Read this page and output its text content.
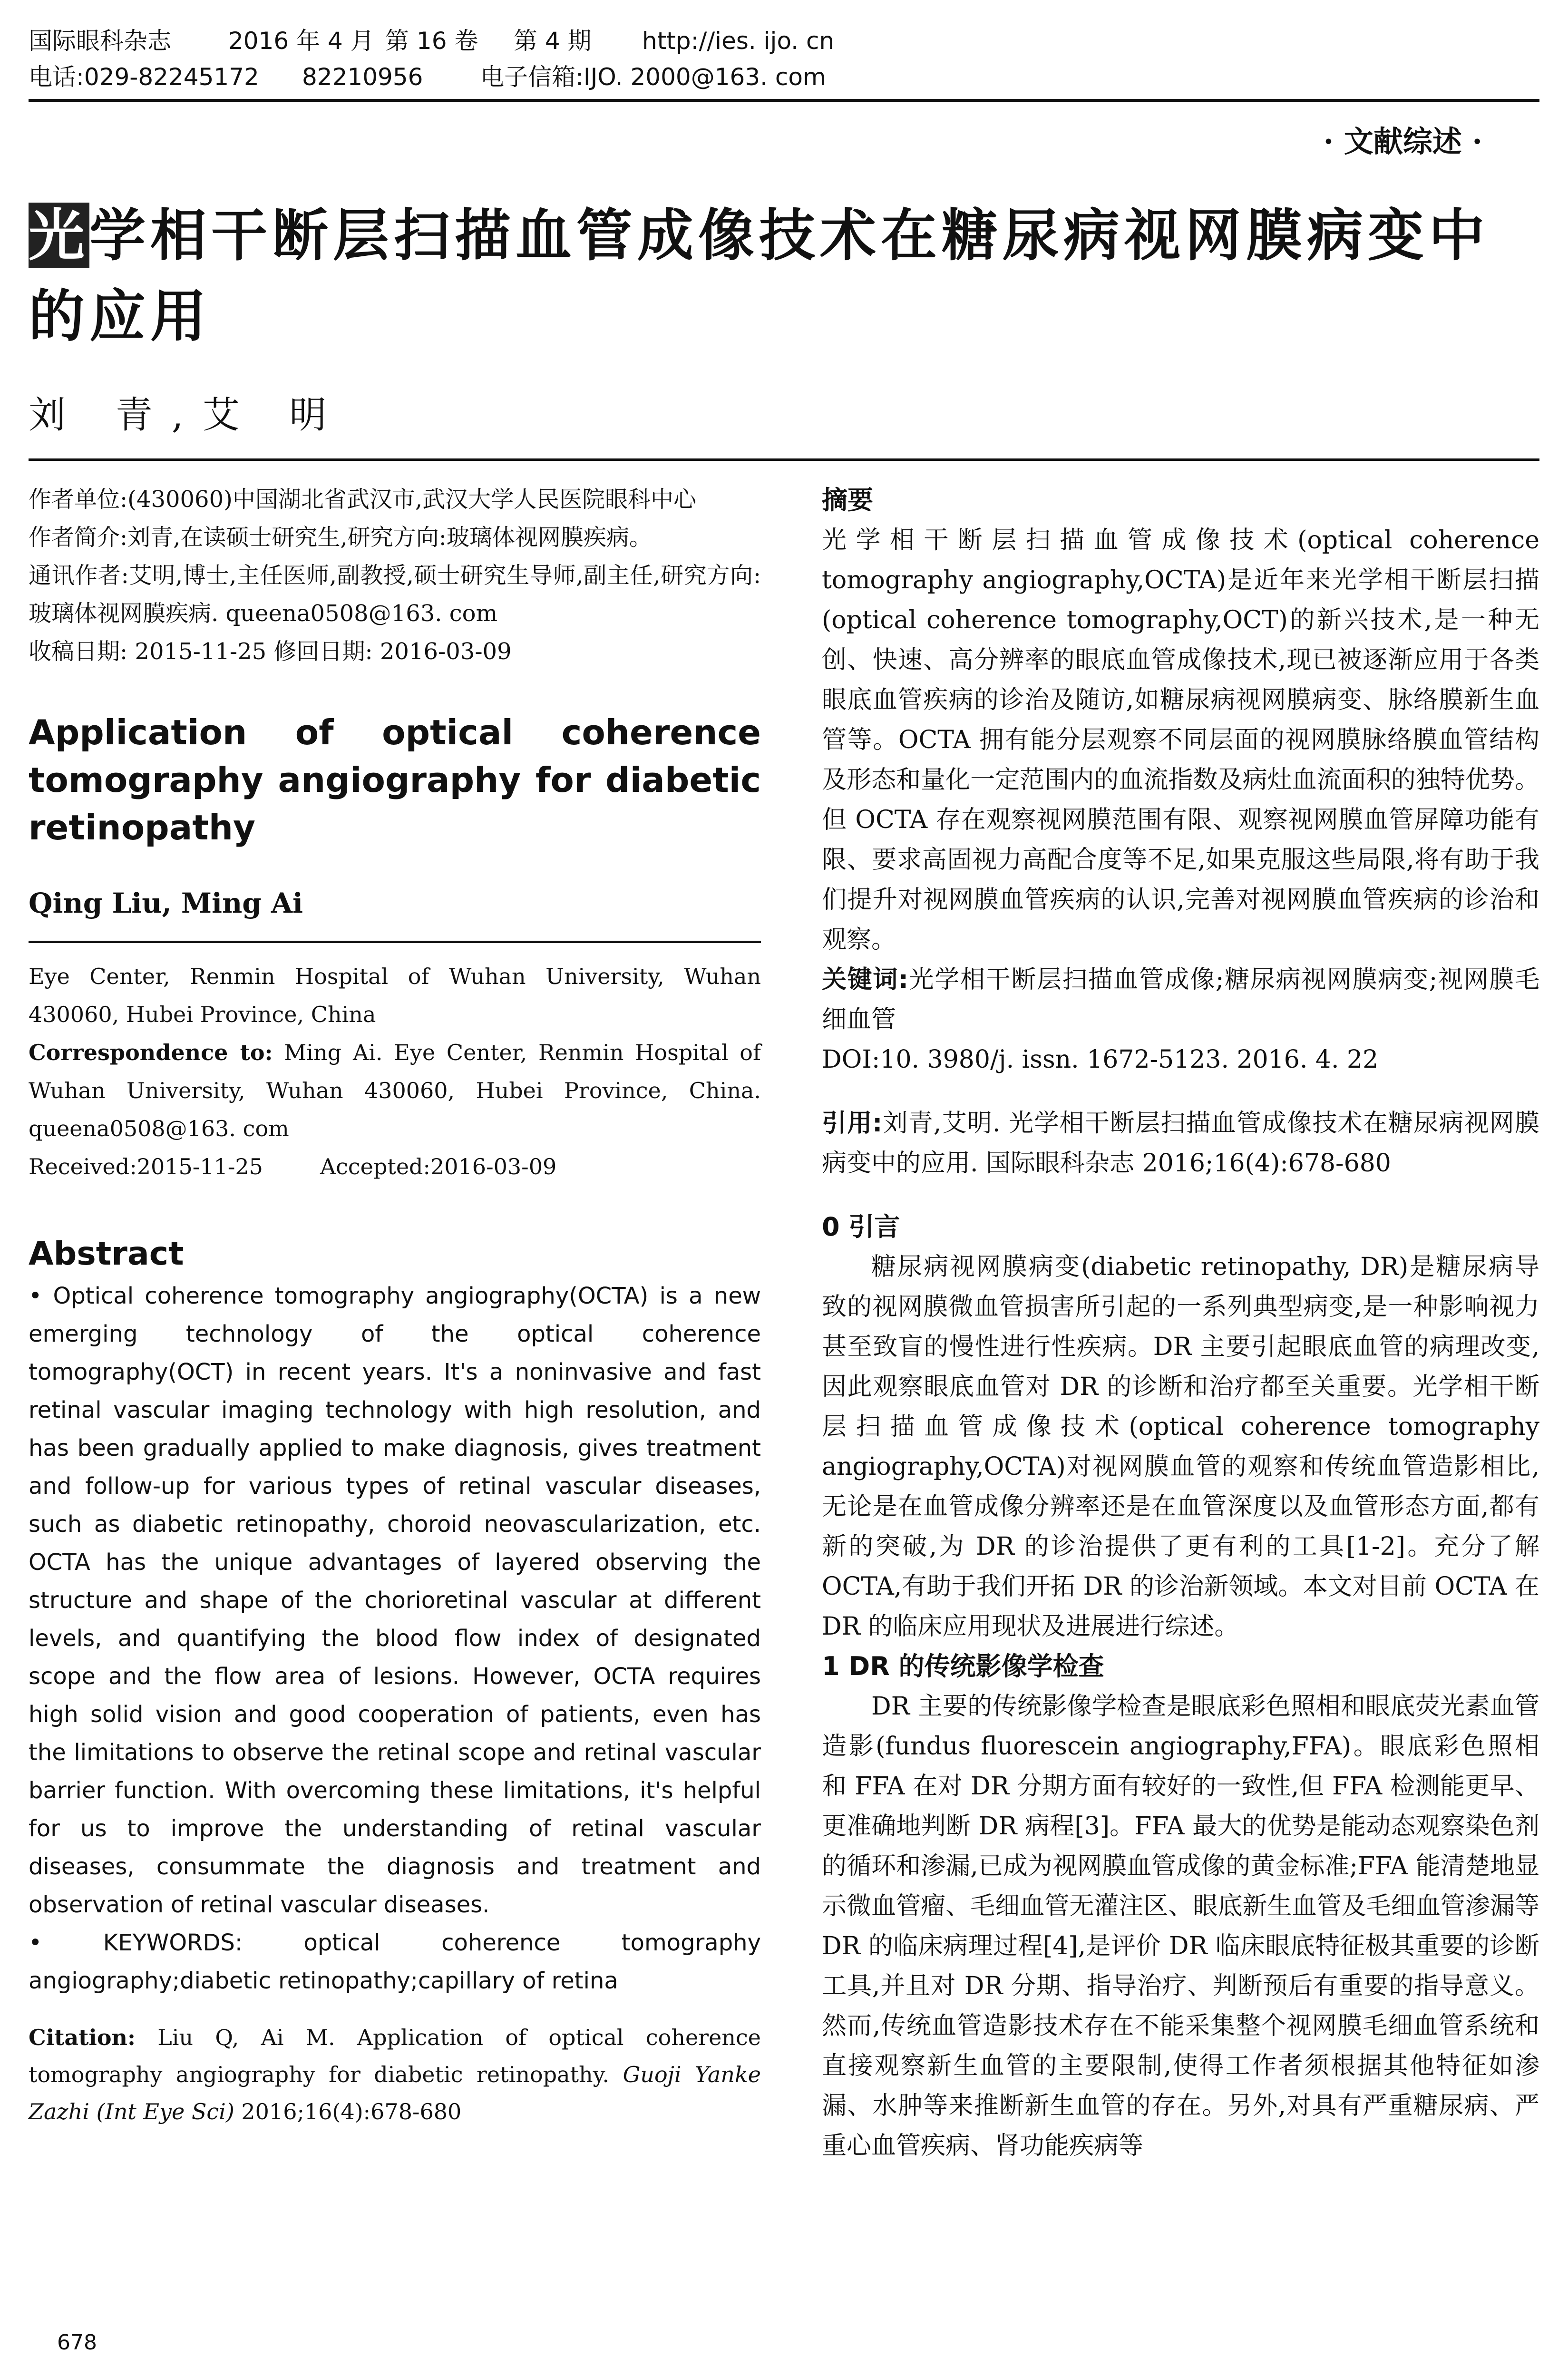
国际眼科杂志	2016 年 4 月 第 16 卷	第 4 期	http://ies. ijo. cn
电话:029-82245172	82210956	电子信箱:IJO. 2000@163. com
· 文献综述 ·
光学相干断层扫描血管成像技术在糖尿病视网膜病变中的应用
刘 青,艾 明

作者单位:(430060)中国湖北省武汉市,武汉大学人民医院眼科中心

作者简介:刘青,在读硕士研究生,研究方向:玻璃体视网膜疾病。

通讯作者:艾明,博士,主任医师,副教授,硕士研究生导师,副主任,研究方向:玻璃体视网膜疾病. queena0508@163. com

收稿日期: 2015-11-25 修回日期: 2016-03-09

Application of optical coherence tomography angiography for diabetic retinopathy
Qing Liu, Ming Ai

Eye Center, Renmin Hospital of Wuhan University, Wuhan 430060, Hubei Province, China

Correspondence to: Ming Ai. Eye Center, Renmin Hospital of Wuhan University, Wuhan 430060, Hubei Province, China. queena0508@163. com

Received:2015-11-25	Accepted:2016-03-09

Abstract

• Optical coherence tomography angiography(OCTA) is a new emerging technology of the optical coherence tomography(OCT) in recent years. It's a noninvasive and fast retinal vascular imaging technology with high resolution, and has been gradually applied to make diagnosis, gives treatment and follow-up for various types of retinal vascular diseases, such as diabetic retinopathy, choroid neovascularization, etc. OCTA has the unique advantages of layered observing the structure and shape of the chorioretinal vascular at different levels, and quantifying the blood flow index of designated scope and the flow area of lesions. However, OCTA requires high solid vision and good cooperation of patients, even has the limitations to observe the retinal scope and retinal vascular barrier function. With overcoming these limitations, it's helpful for us to improve the understanding of retinal vascular diseases, consummate the diagnosis and treatment and observation of retinal vascular diseases.

• KEYWORDS: optical coherence tomography angiography;diabetic retinopathy;capillary of retina

Citation: Liu Q, Ai M. Application of optical coherence tomography angiography for diabetic retinopathy. Guoji Yanke Zazhi (Int Eye Sci) 2016;16(4):678-680
摘要

光学相干断层扫描血管成像技术(optical coherence tomography angiography,OCTA)是近年来光学相干断层扫描(optical coherence tomography,OCT)的新兴技术,是一种无创、快速、高分辨率的眼底血管成像技术,现已被逐渐应用于各类眼底血管疾病的诊治及随访,如糖尿病视网膜病变、脉络膜新生血管等。OCTA 拥有能分层观察不同层面的视网膜脉络膜血管结构及形态和量化一定范围内的血流指数及病灶血流面积的独特优势。但 OCTA 存在观察视网膜范围有限、观察视网膜血管屏障功能有限、要求高固视力高配合度等不足,如果克服这些局限,将有助于我们提升对视网膜血管疾病的认识,完善对视网膜血管疾病的诊治和观察。

关键词:光学相干断层扫描血管成像;糖尿病视网膜病变;视网膜毛细血管

DOI:10. 3980/j. issn. 1672-5123. 2016. 4. 22

引用:刘青,艾明. 光学相干断层扫描血管成像技术在糖尿病视网膜病变中的应用. 国际眼科杂志 2016;16(4):678-680

0 引言

糖尿病视网膜病变(diabetic retinopathy, DR)是糖尿病导致的视网膜微血管损害所引起的一系列典型病变,是一种影响视力甚至致盲的慢性进行性疾病。DR 主要引起眼底血管的病理改变,因此观察眼底血管对 DR 的诊断和治疗都至关重要。光学相干断层扫描血管成像技术(optical coherence tomography angiography,OCTA)对视网膜血管的观察和传统血管造影相比,无论是在血管成像分辨率还是在血管深度以及血管形态方面,都有新的突破,为 DR 的诊治提供了更有利的工具[1-2]。充分了解 OCTA,有助于我们开拓 DR 的诊治新领域。本文对目前 OCTA 在 DR 的临床应用现状及进展进行综述。

1 DR 的传统影像学检查

DR 主要的传统影像学检查是眼底彩色照相和眼底荧光素血管造影(fundus fluorescein angiography,FFA)。眼底彩色照相和 FFA 在对 DR 分期方面有较好的一致性,但 FFA 检测能更早、更准确地判断 DR 病程[3]。FFA 最大的优势是能动态观察染色剂的循环和渗漏,已成为视网膜血管成像的黄金标准;FFA 能清楚地显示微血管瘤、毛细血管无灌注区、眼底新生血管及毛细血管渗漏等 DR 的临床病理过程[4],是评价 DR 临床眼底特征极其重要的诊断工具,并且对 DR 分期、指导治疗、判断预后有重要的指导意义。然而,传统血管造影技术存在不能采集整个视网膜毛细血管系统和直接观察新生血管的主要限制,使得工作者须根据其他特征如渗漏、水肿等来推断新生血管的存在。另外,对具有严重糖尿病、严重心血管疾病、肾功能疾病等

678
